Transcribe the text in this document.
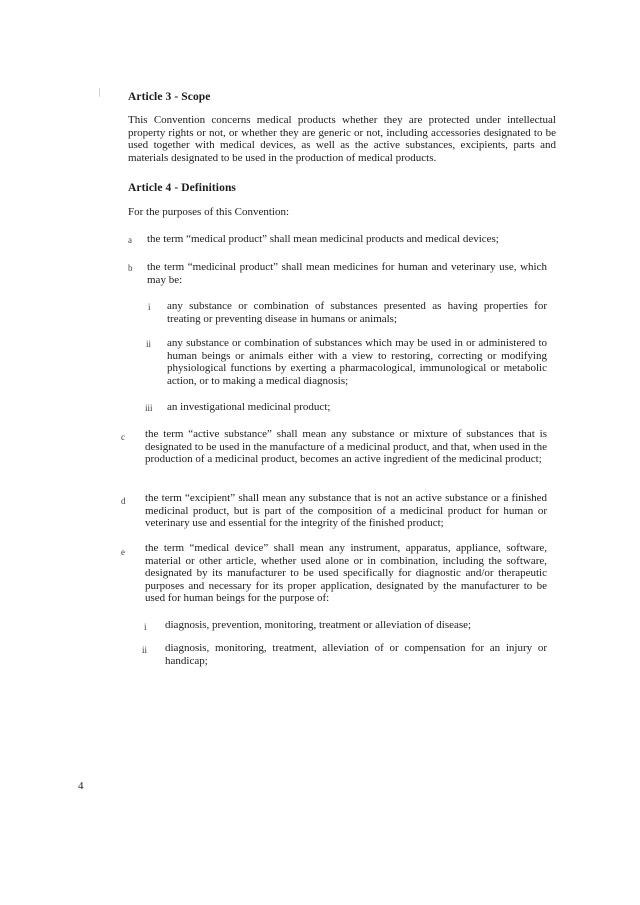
| Article 3 - Scope
This Convention concerns medical products whether they are protected under intellectual property rights or not, or whether they are generic or not, including accessories designated to be used together with medical devices, as well as the active substances, excipients, parts and materials designated to be used in the production of medical products.
Article 4 - Definitions
For the purposes of this Convention:
a the term “medical product” shall mean medicinal products and medical devices;
b the term “medicinal product” shall mean medicines for human and veterinary use, which may be:
i any substance or combination of substances presented as having properties for treating or preventing disease in humans or animals;
ii any substance or combination of substances which may be used in or administered to human beings or animals either with a view to restoring, correcting or modifying physiological functions by exerting a pharmacological, immunological or metabolic action, or to making a medical diagnosis;
iii an investigational medicinal product;
c the term “active substance” shall mean any substance or mixture of substances that is designated to be used in the manufacture of a medicinal product, and that, when used in the production of a medicinal product, becomes an active ingredient of the medicinal product;
d the term “excipient” shall mean any substance that is not an active substance or a finished medicinal product, but is part of the composition of a medicinal product for human or veterinary use and essential for the integrity of the finished product;
e the term “medical device” shall mean any instrument, apparatus, appliance, software, material or other article, whether used alone or in combination, including the software, designated by its manufacturer to be used specifically for diagnostic and/or therapeutic purposes and necessary for its proper application, designated by the manufacturer to be used for human beings for the purpose of:
i diagnosis, prevention, monitoring, treatment or alleviation of disease;
ii diagnosis, monitoring, treatment, alleviation of or compensation for an injury or handicap;
4
